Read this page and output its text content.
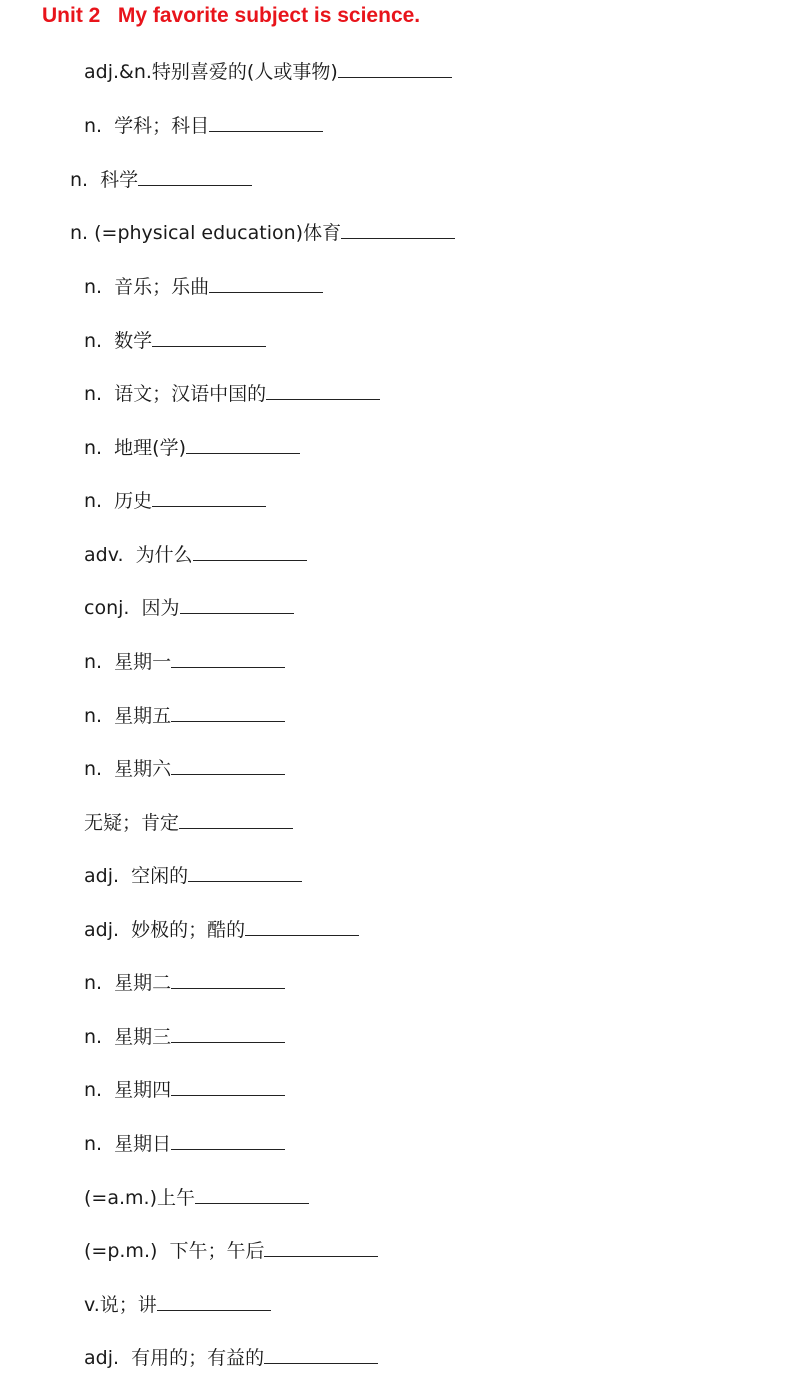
Unit 2   My favorite subject is science.
adj.&n.特别喜爱的(人或事物)
n.  学科；科目
n.  科学
n. (=physical education)体育
n.  音乐；乐曲
n.  数学
n.  语文；汉语中国的
n.  地理(学)
n.  历史
adv.  为什么
conj.  因为
n.  星期一
n.  星期五
n.  星期六
无疑；肯定
adj.  空闲的
adj.  妙极的；酷的
n.  星期二
n.  星期三
n.  星期四
n.  星期日
(=a.m.)上午
(=p.m.)  下午；午后
v.说；讲
adj.  有用的；有益的
